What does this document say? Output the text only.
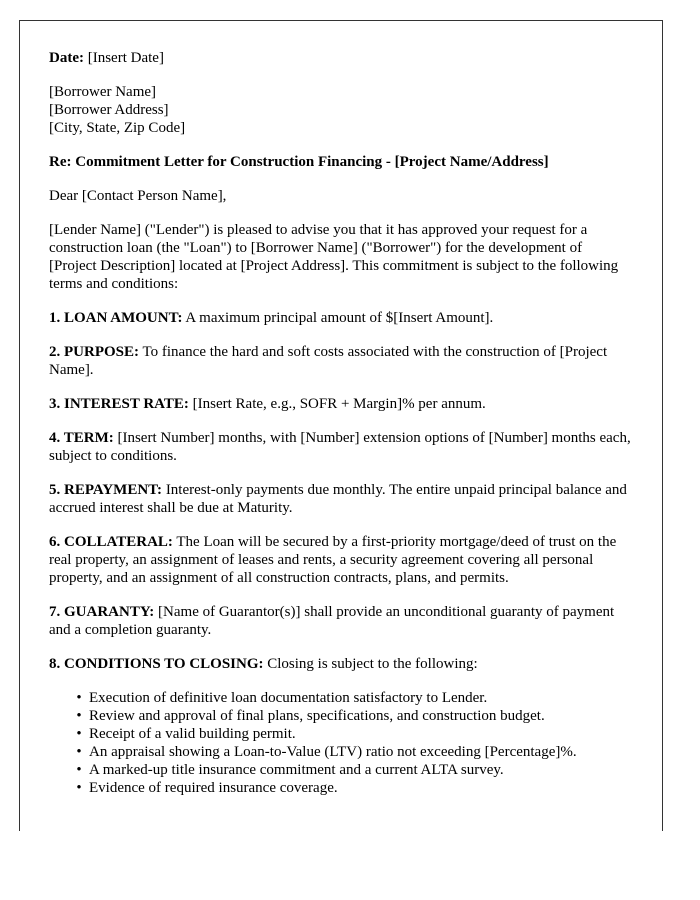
Date: [Insert Date]

[Borrower Name]
[Borrower Address]
[City, State, Zip Code]

Re: Commitment Letter for Construction Financing - [Project Name/Address]

Dear [Contact Person Name],

[Lender Name] ("Lender") is pleased to advise you that it has approved your request for a construction loan (the "Loan") to [Borrower Name] ("Borrower") for the development of [Project Description] located at [Project Address]. This commitment is subject to the following terms and conditions:

1. LOAN AMOUNT: A maximum principal amount of $[Insert Amount].

2. PURPOSE: To finance the hard and soft costs associated with the construction of [Project Name].

3. INTEREST RATE: [Insert Rate, e.g., SOFR + Margin]% per annum.

4. TERM: [Insert Number] months, with [Number] extension options of [Number] months each, subject to conditions.

5. REPAYMENT: Interest-only payments due monthly. The entire unpaid principal balance and accrued interest shall be due at Maturity.

6. COLLATERAL: The Loan will be secured by a first-priority mortgage/deed of trust on the real property, an assignment of leases and rents, a security agreement covering all personal property, and an assignment of all construction contracts, plans, and permits.

7. GUARANTY: [Name of Guarantor(s)] shall provide an unconditional guaranty of payment and a completion guaranty.

8. CONDITIONS TO CLOSING: Closing is subject to the following:

• Execution of definitive loan documentation satisfactory to Lender.
• Review and approval of final plans, specifications, and construction budget.
• Receipt of a valid building permit.
• An appraisal showing a Loan-to-Value (LTV) ratio not exceeding [Percentage]%.
• A marked-up title insurance commitment and a current ALTA survey.
• Evidence of required insurance coverage.
